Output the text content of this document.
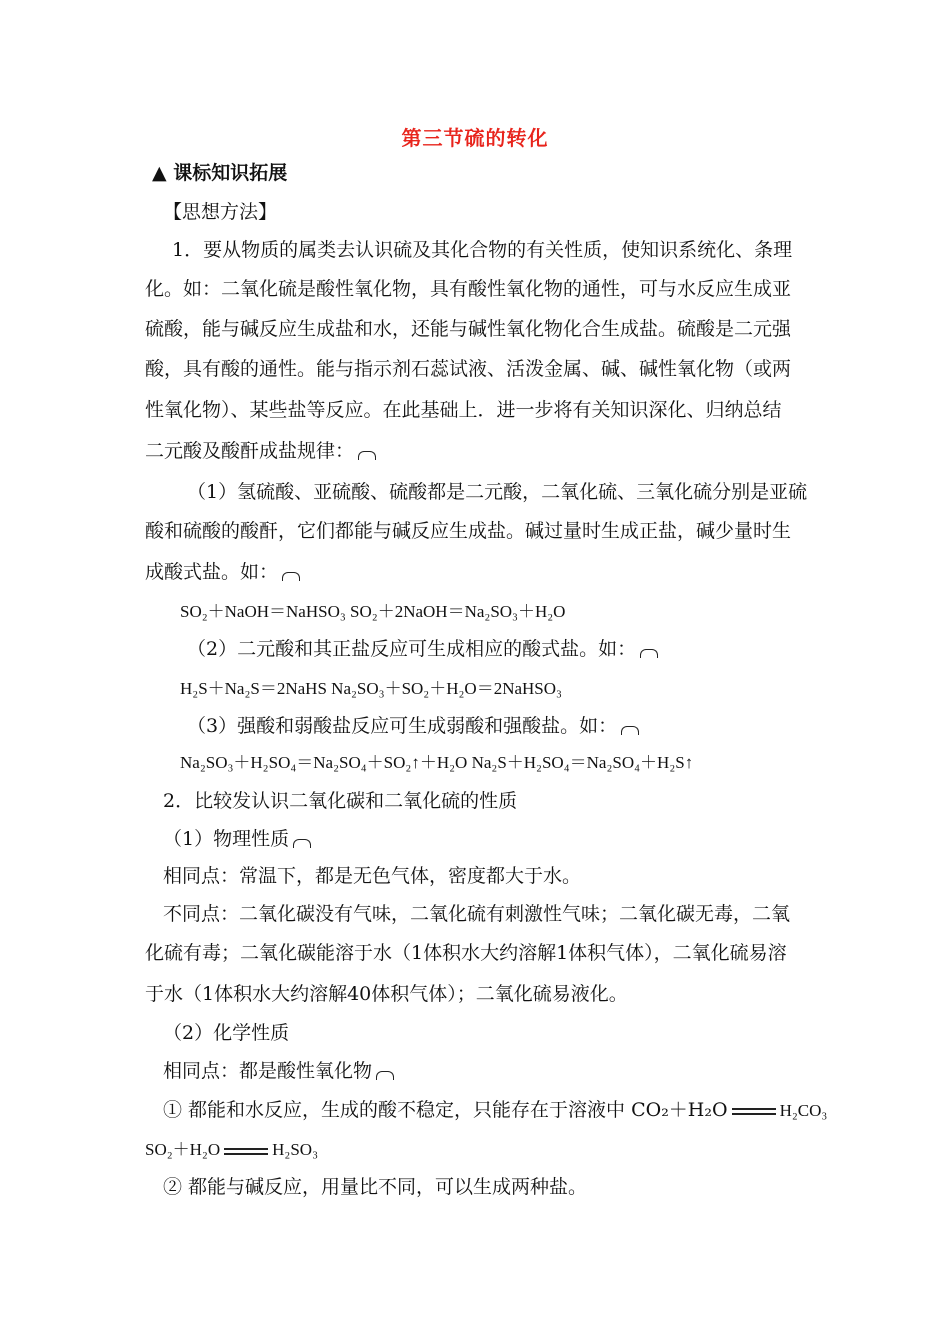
第三节硫的转化
▲ 课标知识拓展
【思想方法】
1．要从物质的属类去认识硫及其化合物的有关性质，使知识系统化、条理
化。如：二氧化硫是酸性氧化物，具有酸性氧化物的通性，可与水反应生成亚
硫酸，能与碱反应生成盐和水，还能与碱性氧化物化合生成盐。硫酸是二元强
酸，具有酸的通性。能与指示剂石蕊试液、活泼金属、碱、碱性氧化物（或两
性氧化物）、某些盐等反应。在此基础上．进一步将有关知识深化、归纳总结
二元酸及酸酐成盐规律：
（1）氢硫酸、亚硫酸、硫酸都是二元酸，二氧化硫、三氧化硫分别是亚硫
酸和硫酸的酸酐，它们都能与碱反应生成盐。碱过量时生成正盐，碱少量时生
成酸式盐。如：
SO₂＋NaOH＝NaHSO₃ SO₂＋2NaOH＝Na₂SO₃＋H₂O
（2）二元酸和其正盐反应可生成相应的酸式盐。如：
H₂S＋Na₂S＝2NaHS Na₂SO₃＋SO₂＋H₂O＝2NaHSO₃
（3）强酸和弱酸盐反应可生成弱酸和强酸盐。如：
Na₂SO₃＋H₂SO₄＝Na₂SO₄＋SO₂↑＋H₂O Na₂S＋H₂SO₄＝Na₂SO₄＋H₂S↑
2．比较发认识二氧化碳和二氧化硫的性质
（1）物理性质
相同点：常温下，都是无色气体，密度都大于水。
不同点：二氧化碳没有气味，二氧化硫有刺激性气味；二氧化碳无毒，二氧
化硫有毒；二氧化碳能溶于水（1体积水大约溶解1体积气体），二氧化硫易溶
于水（1体积水大约溶解40体积气体）；二氧化硫易液化。
（2）化学性质
相同点：都是酸性氧化物
① 都能和水反应，生成的酸不稳定，只能存在于溶液中 CO₂＋H₂O	H₂CO₃
SO₂＋H₂O	H₂SO₃
② 都能与碱反应，用量比不同，可以生成两种盐。
